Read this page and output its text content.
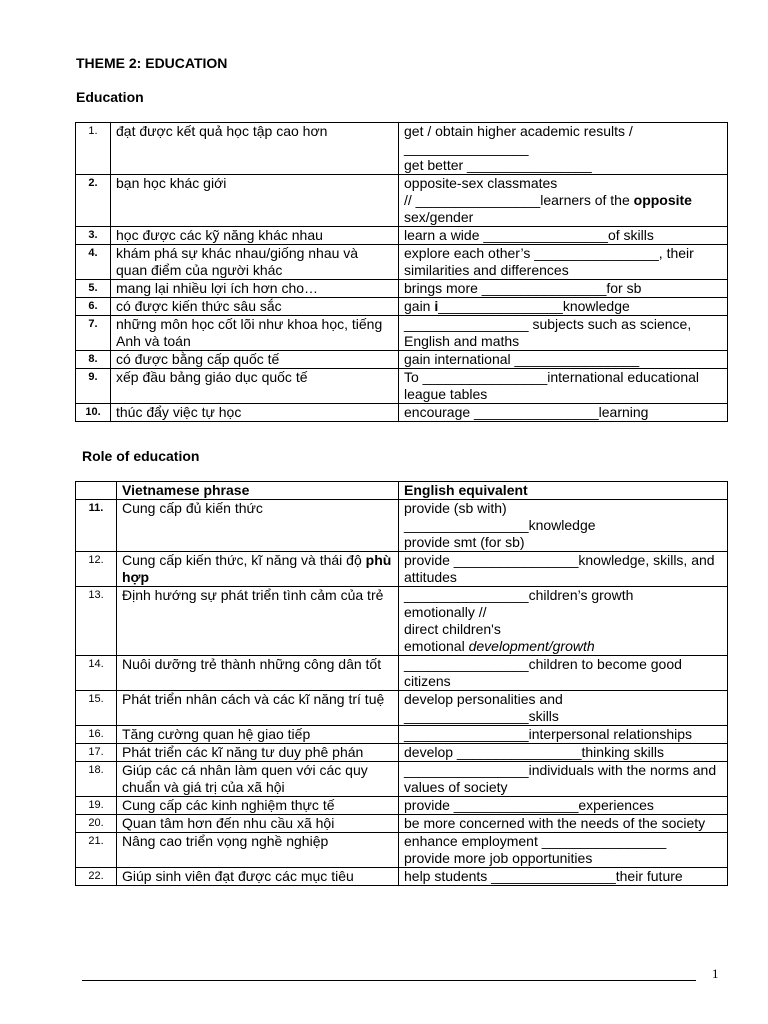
THEME 2: EDUCATION

Education

1.	đạt được kết quả học tập cao hơn	get / obtain higher academic results / ________________
get better ________________
2.	bạn học khác giới	opposite-sex classmates
// ________________learners of the opposite sex/gender
3.	học được các kỹ năng khác nhau	learn a wide ________________of skills
4.	khám phá sự khác nhau/giống nhau và quan điểm của người khác	explore each other’s ________________, their similarities and differences
5.	mang lại nhiều lợi ích hơn cho…	brings more ________________for sb
6.	có được kiến thức sâu sắc	gain i________________knowledge
7.	những môn học cốt lõi như khoa học, tiếng Anh và toán	________________ subjects such as science, English and maths
8.	có được bằng cấp quốc tế	gain international ________________
9.	xếp đầu bảng giáo dục quốc tế	To ________________international educational league tables
10.	thúc đẩy việc tự học	encourage ________________learning

Role of education

	Vietnamese phrase	English equivalent
11.	Cung cấp đủ kiến thức	provide (sb with)
________________knowledge
provide smt (for sb)
12.	Cung cấp kiến thức, kĩ năng và thái độ phù hợp	provide ________________knowledge, skills, and attitudes
13.	Định hướng sự phát triển tình cảm của trẻ	________________children’s growth
emotionally //
direct children's
emotional development/growth
14.	Nuôi dưỡng trẻ thành những công dân tốt	________________children to become good citizens
15.	Phát triển nhân cách và các kĩ năng trí tuệ	develop personalities and
________________skills
16.	Tăng cường quan hệ giao tiếp	________________interpersonal relationships
17.	Phát triển các kĩ năng tư duy phê phán	develop ________________thinking skills
18.	Giúp các cá nhân làm quen với các quy chuẩn và giá trị của xã hội	________________individuals with the norms and values of society
19.	Cung cấp các kinh nghiệm thực tế	provide ________________experiences
20.	Quan tâm hơn đến nhu cầu xã hội	be more concerned with the needs of the society
21.	Nâng cao triển vọng nghề nghiệp	enhance employment ________________
provide more job opportunities
22.	Giúp sinh viên đạt được các mục tiêu	help students ________________their future
1
